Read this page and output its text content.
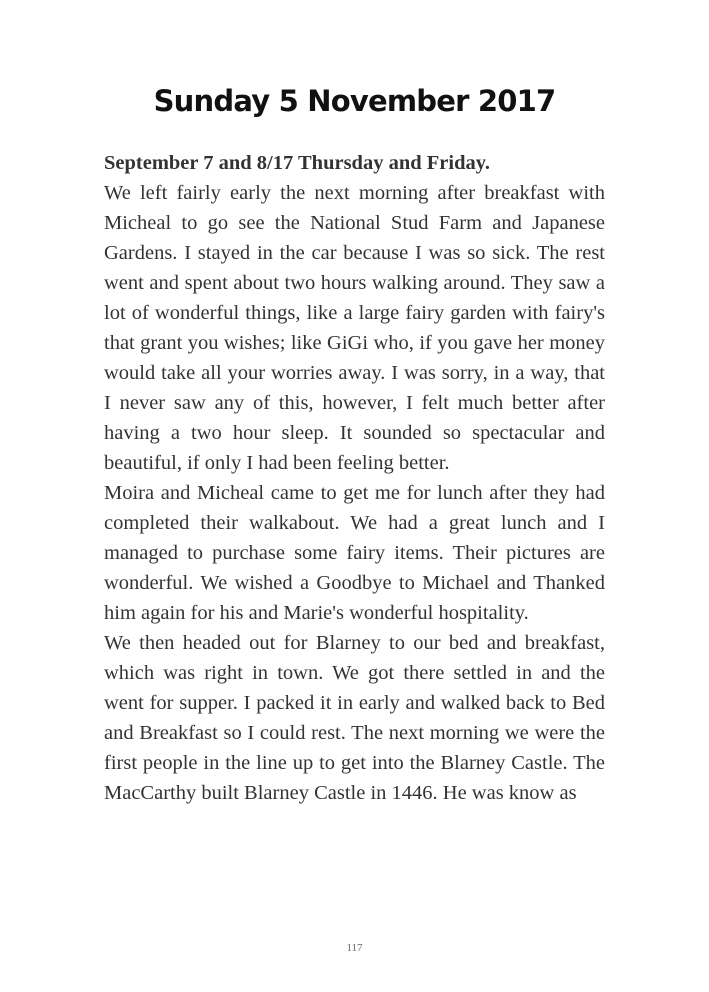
Sunday 5 November 2017

September 7 and 8/17 Thursday and Friday.

We left fairly early the next morning after breakfast with Micheal to go see the National Stud Farm and Japanese Gardens. I stayed in the car because I was so sick. The rest went and spent about two hours walking around. They saw a lot of wonderful things, like a large fairy garden with fairy's that grant you wishes; like GiGi who, if you gave her money would take all your worries away. I was sorry, in a way, that I never saw any of this, however, I felt much better after having a two hour sleep. It sounded so spectacular and beautiful, if only I had been feeling better.

Moira and Micheal came to get me for lunch after they had completed their walkabout. We had a great lunch and I managed to purchase some fairy items. Their pictures are wonderful. We wished a Goodbye to Michael and Thanked him again for his and Marie's wonderful hospitality.

We then headed out for Blarney to our bed and breakfast, which was right in town. We got there settled in and the went for supper. I packed it in early and walked back to Bed and Breakfast so I could rest. The next morning we were the first people in the line up to get into the Blarney Castle. The MacCarthy built Blarney Castle in 1446. He was know as

117
